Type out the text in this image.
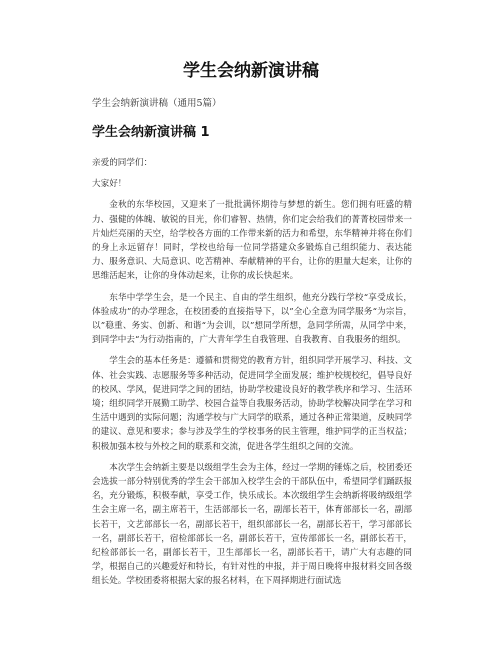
学生会纳新演讲稿

学生会纳新演讲稿（通用5篇）

学生会纳新演讲稿 1

亲爱的同学们：

大家好！

金秋的东华校园，又迎来了一批批满怀期待与梦想的新生。您们拥有旺盛的精力、强健的体魄、敏锐的目光，你们睿智、热情，你们定会给我们的菁菁校园带来一片灿烂亮丽的天空，给学校各方面的工作带来新的活力和希望，东华精神并将在你们的身上永远留存！同时，学校也给每一位同学搭建众多锻炼自己组织能力、表达能力、服务意识、大局意识、吃苦精神、奉献精神的平台，让你的胆量大起来，让你的思维活起来，让你的身体动起来，让你的成长快起来。

东华中学学生会，是一个民主、自由的学生组织，他充分践行学校“享受成长，体验成功”的办学理念，在校团委的直接指导下，以”全心全意为同学服务“为宗旨，以”稳重、务实、创新、和谐“为会训，以”想同学所想，急同学所需，从同学中来，到同学中去“为行动指南的，广大青年学生自我管理、自我教育、自我服务的组织。

学生会的基本任务是：遵循和贯彻党的教育方针，组织同学开展学习、科技、文体、社会实践、志愿服务等多种活动，促进同学全面发展；维护校规校纪，倡导良好的校风、学风，促进同学之间的团结，协助学校建设良好的教学秩序和学习、生活环境；组织同学开展勤工助学、校园合益等自我服务活动，协助学校解决同学在学习和生活中遇到的实际问题；沟通学校与广大同学的联系，通过各种正常渠道，反映同学的建议、意见和要求；参与涉及学生的学校事务的民主管理，维护同学的正当权益；积极加强本校与外校之间的联系和交流，促进各学生组织之间的交流。

本次学生会纳新主要是以级组学生会为主体，经过一学期的锤炼之后，校团委还会选拔一部分特别优秀的学生会干部加入校学生会的干部队伍中，希望同学们踊跃报名，充分锻炼，积极奉献，享受工作，快乐成长。本次级组学生会纳新将吸纳级组学生会主席一名，副主席若干，生活部部长一名，副部长若干，体育部部长一名，副部长若干，文艺部部长一名，副部长若干，组织部部长一名，副部长若干，学习部部长一名，副部长若干，宿检部部长一名，副部长若干，宣传部部长一名，副部长若干，纪检部部长一名，副部长若干，卫生部部长一名，副部长若干，请广大有志趣的同学，根据自己的兴趣爱好和特长，有针对性的申报，并于周日晚将申报材料交回各级组长处。学校团委将根据大家的报名材料，在下周择期进行面试选
